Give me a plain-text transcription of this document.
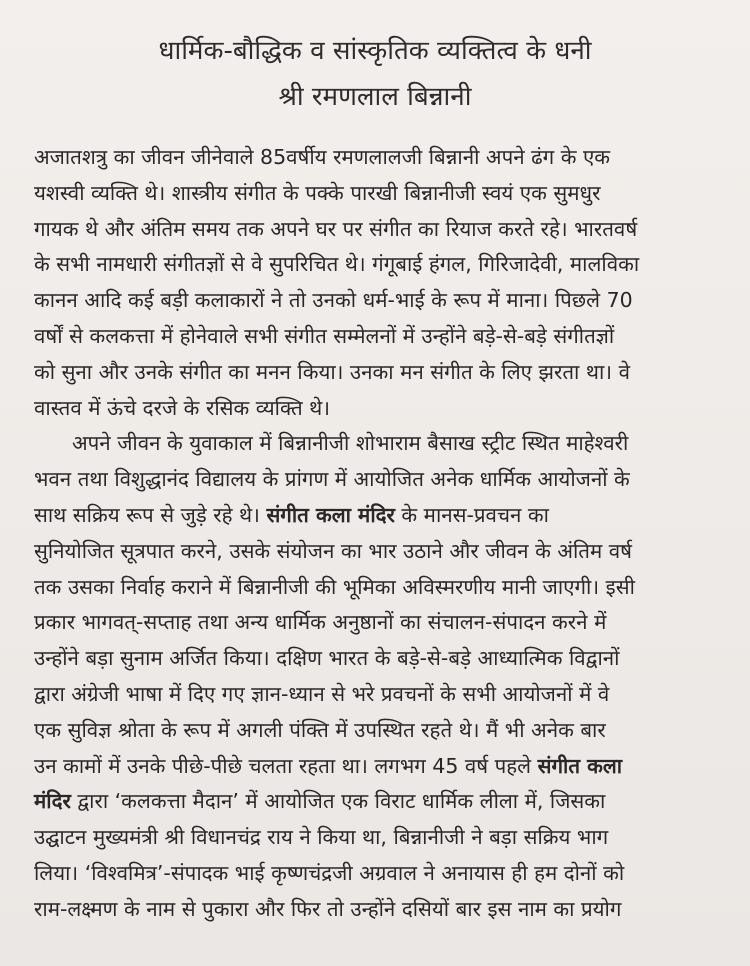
धार्मिक-बौद्धिक व सांस्कृतिक व्यक्तित्व के धनी
श्री रमणलाल बिन्नानी
अजातशत्रु का जीवन जीनेवाले 85वर्षीय रमणलालजी बिन्नानी अपने ढंग के एक
यशस्वी व्यक्ति थे। शास्त्रीय संगीत के पक्के पारखी बिन्नानीजी स्वयं एक सुमधुर
गायक थे और अंतिम समय तक अपने घर पर संगीत का रियाज करते रहे। भारतवर्ष
के सभी नामधारी संगीतज्ञों से वे सुपरिचित थे। गंगूबाई हंगल, गिरिजादेवी, मालविका
कानन आदि कई बड़ी कलाकारों ने तो उनको धर्म-भाई के रूप में माना। पिछले 70
वर्षों से कलकत्ता में होनेवाले सभी संगीत सम्मेलनों में उन्होंने बड़े-से-बड़े संगीतज्ञों
को सुना और उनके संगीत का मनन किया। उनका मन संगीत के लिए झरता था। वे
वास्तव में ऊंचे दरजे के रसिक व्यक्ति थे।
अपने जीवन के युवाकाल में बिन्नानीजी शोभाराम बैसाख स्ट्रीट स्थित माहेश्वरी
भवन तथा विशुद्धानंद विद्यालय के प्रांगण में आयोजित अनेक धार्मिक आयोजनों के
साथ सक्रिय रूप से जुड़े रहे थे। संगीत कला मंदिर के मानस-प्रवचन का
सुनियोजित सूत्रपात करने, उसके संयोजन का भार उठाने और जीवन के अंतिम वर्ष
तक उसका निर्वाह कराने में बिन्नानीजी की भूमिका अविस्मरणीय मानी जाएगी। इसी
प्रकार भागवत्-सप्ताह तथा अन्य धार्मिक अनुष्ठानों का संचालन-संपादन करने में
उन्होंने बड़ा सुनाम अर्जित किया। दक्षिण भारत के बड़े-से-बड़े आध्यात्मिक विद्वानों
द्वारा अंग्रेजी भाषा में दिए गए ज्ञान-ध्यान से भरे प्रवचनों के सभी आयोजनों में वे
एक सुविज्ञ श्रोता के रूप में अगली पंक्ति में उपस्थित रहते थे। मैं भी अनेक बार
उन कामों में उनके पीछे-पीछे चलता रहता था। लगभग 45 वर्ष पहले संगीत कला
मंदिर द्वारा ‘कलकत्ता मैदान’ में आयोजित एक विराट धार्मिक लीला में, जिसका
उद्घाटन मुख्यमंत्री श्री विधानचंद्र राय ने किया था, बिन्नानीजी ने बड़ा सक्रिय भाग
लिया। ‘विश्वमित्र’-संपादक भाई कृष्णचंद्रजी अग्रवाल ने अनायास ही हम दोनों को
राम-लक्ष्मण के नाम से पुकारा और फिर तो उन्होंने दसियों बार इस नाम का प्रयोग
